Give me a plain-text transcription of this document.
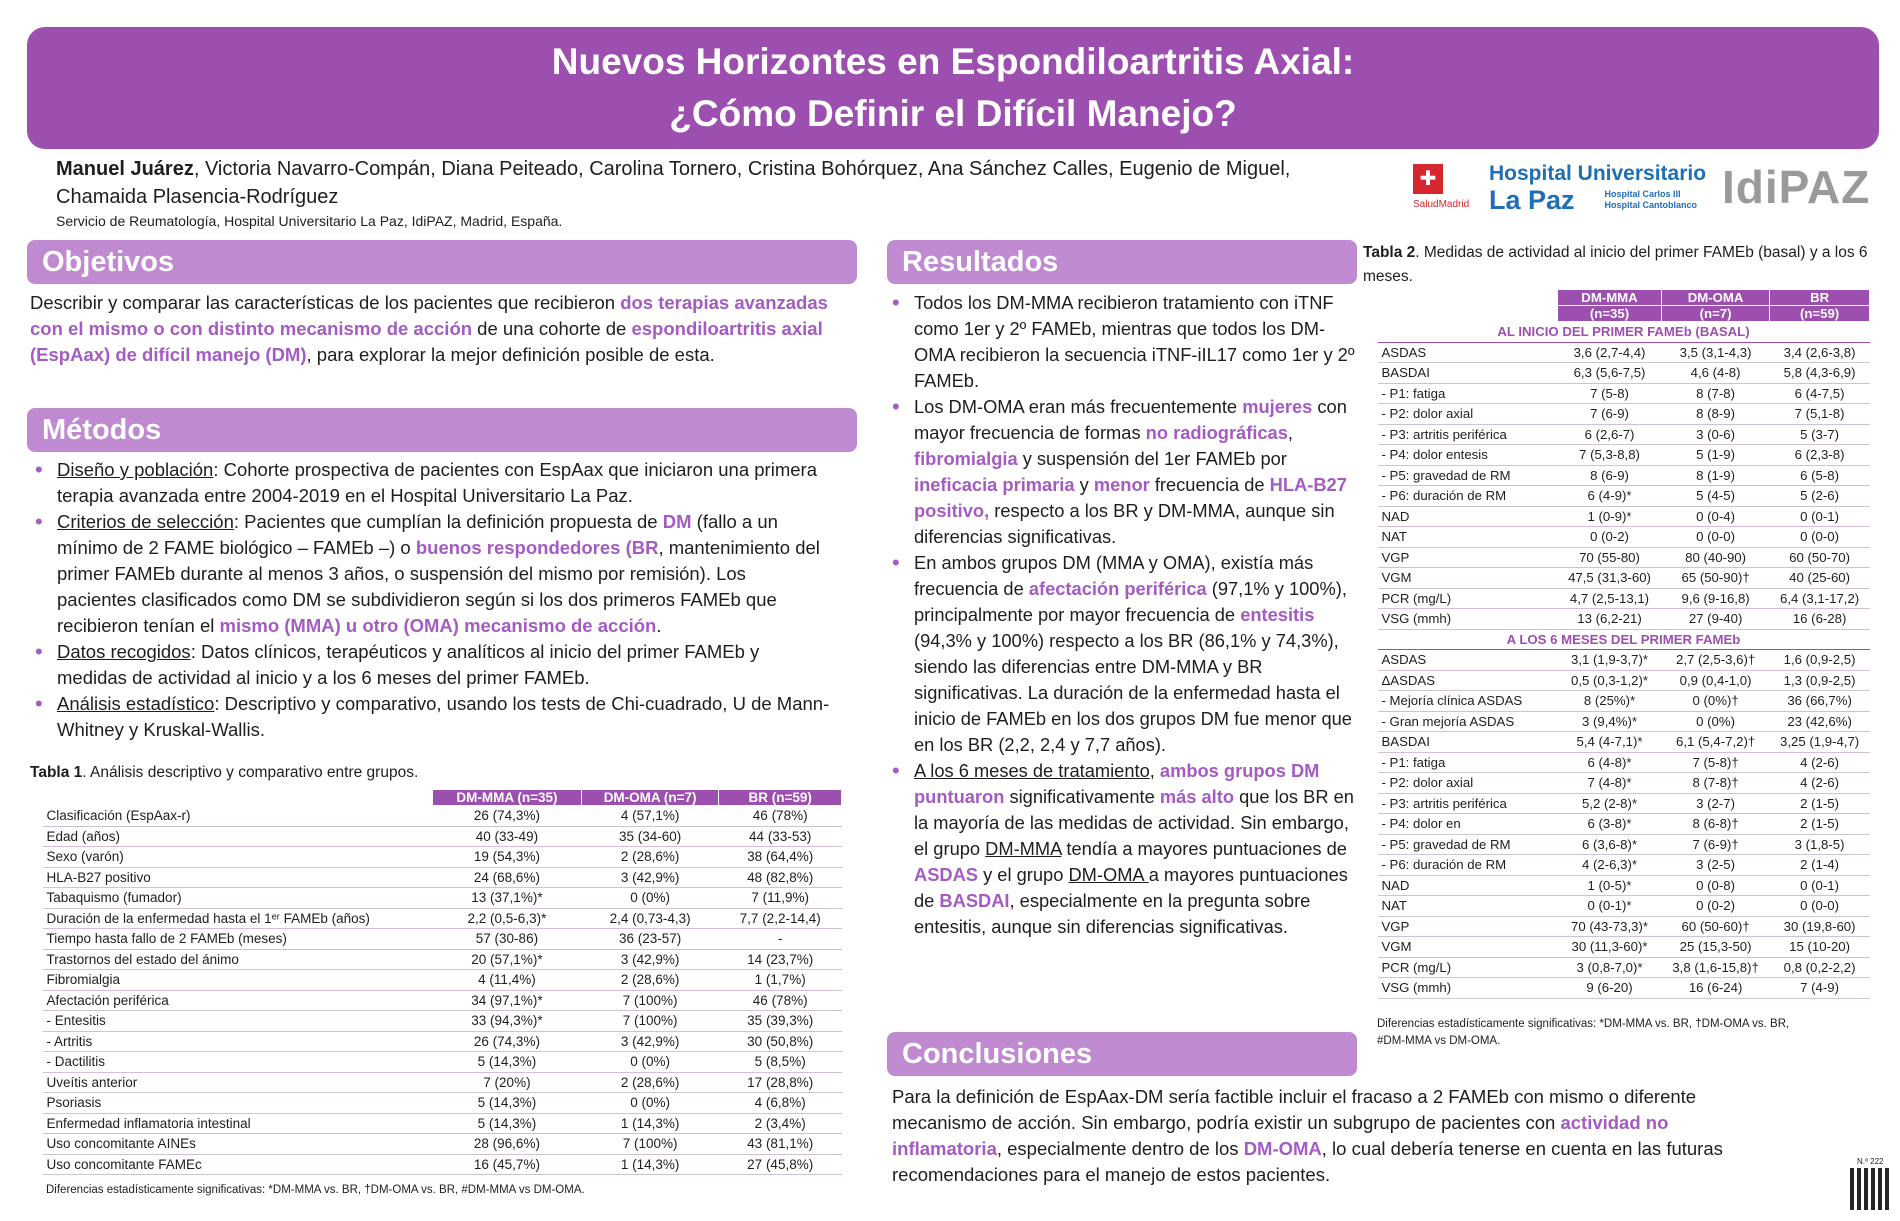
Nuevos Horizontes en Espondiloartritis Axial:
¿Cómo Definir el Difícil Manejo?
Manuel Juárez, Victoria Navarro-Compán, Diana Peiteado, Carolina Tornero, Cristina Bohórquez, Ana Sánchez Calles, Eugenio de Miguel,
Chamaida Plasencia-Rodríguez
Servicio de Reumatología, Hospital Universitario La Paz, IdiPAZ, Madrid, España.
✚
SaludMadrid
Hospital Universitario
La Paz	Hospital Carlos III
Hospital Cantoblanco IdiPAZ
Objetivos
Describir y comparar las características de los pacientes que recibieron dos terapias avanzadas con el mismo o con distinto mecanismo de acción de una cohorte de espondiloartritis axial (EspAax) de difícil manejo (DM), para explorar la mejor definición posible de esta.
Métodos
• Diseño y población: Cohorte prospectiva de pacientes con EspAax que iniciaron una primera terapia avanzada entre 2004-2019 en el Hospital Universitario La Paz.
• Criterios de selección: Pacientes que cumplían la definición propuesta de DM (fallo a un mínimo de 2 FAME biológico – FAMEb –) o buenos respondedores (BR, mantenimiento del primer FAMEb durante al menos 3 años, o suspensión del mismo por remisión). Los pacientes clasificados como DM se subdividieron según si los dos primeros FAMEb que recibieron tenían el mismo (MMA) u otro (OMA) mecanismo de acción.
• Datos recogidos: Datos clínicos, terapéuticos y analíticos al inicio del primer FAMEb y medidas de actividad al inicio y a los 6 meses del primer FAMEb.
• Análisis estadístico: Descriptivo y comparativo, usando los tests de Chi-cuadrado, U de Mann-Whitney y Kruskal-Wallis.
Tabla 1. Análisis descriptivo y comparativo entre grupos.
	DM-MMA (n=35)	DM-OMA (n=7)	BR (n=59)
Clasificación (EspAax-r)	26 (74,3%)	4 (57,1%)	46 (78%)
Edad (años)	40 (33-49)	35 (34-60)	44 (33-53)
Sexo (varón)	19 (54,3%)	2 (28,6%)	38 (64,4%)
HLA-B27 positivo	24 (68,6%)	3 (42,9%)	48 (82,8%)
Tabaquismo (fumador)	13 (37,1%)*	0 (0%)	7 (11,9%)
Duración de la enfermedad hasta el 1ᵉʳ FAMEb (años)	2,2 (0,5-6,3)*	2,4 (0,73-4,3)	7,7 (2,2-14,4)
Tiempo hasta fallo de 2 FAMEb (meses)	57 (30-86)	36 (23-57)	-
Trastornos del estado del ánimo	20 (57,1%)*	3 (42,9%)	14 (23,7%)
Fibromialgia	4 (11,4%)	2 (28,6%)	1 (1,7%)
Afectación periférica	34 (97,1%)*	7 (100%)	46 (78%)
- Entesitis	33 (94,3%)*	7 (100%)	35 (39,3%)
- Artritis	26 (74,3%)	3 (42,9%)	30 (50,8%)
- Dactilitis	5 (14,3%)	0 (0%)	5 (8,5%)
Uveítis anterior	7 (20%)	2 (28,6%)	17 (28,8%)
Psoriasis	5 (14,3%)	0 (0%)	4 (6,8%)
Enfermedad inflamatoria intestinal	5 (14,3%)	1 (14,3%)	2 (3,4%)
Uso concomitante AINEs	28 (96,6%)	7 (100%)	43 (81,1%)
Uso concomitante FAMEc	16 (45,7%)	1 (14,3%)	27 (45,8%)
Diferencias estadísticamente significativas: *DM-MMA vs. BR, †DM-OMA vs. BR, #DM-MMA vs DM-OMA.
Resultados
• Todos los DM-MMA recibieron tratamiento con iTNF como 1er y 2º FAMEb, mientras que todos los DM-OMA recibieron la secuencia iTNF-iIL17 como 1er y 2º FAMEb.
• Los DM-OMA eran más frecuentemente mujeres con mayor frecuencia de formas no radiográficas, fibromialgia y suspensión del 1er FAMEb por ineficacia primaria y menor frecuencia de HLA-B27 positivo, respecto a los BR y DM-MMA, aunque sin diferencias significativas.
• En ambos grupos DM (MMA y OMA), existía más frecuencia de afectación periférica (97,1% y 100%), principalmente por mayor frecuencia de entesitis (94,3% y 100%) respecto a los BR (86,1% y 74,3%), siendo las diferencias entre DM-MMA y BR significativas. La duración de la enfermedad hasta el inicio de FAMEb en los dos grupos DM fue menor que en los BR (2,2, 2,4 y 7,7 años).
• A los 6 meses de tratamiento, ambos grupos DM puntuaron significativamente más alto que los BR en la mayoría de las medidas de actividad. Sin embargo, el grupo DM-MMA tendía a mayores puntuaciones de ASDAS y el grupo DM-OMA a mayores puntuaciones de BASDAI, especialmente en la pregunta sobre entesitis, aunque sin diferencias significativas.
Conclusiones
Para la definición de EspAax-DM sería factible incluir el fracaso a 2 FAMEb con mismo o diferente mecanismo de acción. Sin embargo, podría existir un subgrupo de pacientes con actividad no inflamatoria, especialmente dentro de los DM-OMA, lo cual debería tenerse en cuenta en las futuras recomendaciones para el manejo de estos pacientes.
Tabla 2. Medidas de actividad al inicio del primer FAMEb (basal) y a los 6 meses.
	DM-MMA	DM-OMA	BR
	(n=35)	(n=7)	(n=59)
AL INICIO DEL PRIMER FAMEb (BASAL)			
ASDAS	3,6 (2,7-4,4)	3,5 (3,1-4,3)	3,4 (2,6-3,8)
BASDAI	6,3 (5,6-7,5)	4,6 (4-8)	5,8 (4,3-6,9)
- P1: fatiga	7 (5-8)	8 (7-8)	6 (4-7,5)
- P2: dolor axial	7 (6-9)	8 (8-9)	7 (5,1-8)
- P3: artritis periférica	6 (2,6-7)	3 (0-6)	5 (3-7)
- P4: dolor entesis	7 (5,3-8,8)	5 (1-9)	6 (2,3-8)
- P5: gravedad de RM	8 (6-9)	8 (1-9)	6 (5-8)
- P6: duración de RM	6 (4-9)*	5 (4-5)	5 (2-6)
NAD	1 (0-9)*	0 (0-4)	0 (0-1)
NAT	0 (0-2)	0 (0-0)	0 (0-0)
VGP	70 (55-80)	80 (40-90)	60 (50-70)
VGM	47,5 (31,3-60)	65 (50-90)†	40 (25-60)
PCR (mg/L)	4,7 (2,5-13,1)	9,6 (9-16,8)	6,4 (3,1-17,2)
VSG (mmh)	13 (6,2-21)	27 (9-40)	16 (6-28)
A LOS 6 MESES DEL PRIMER FAMEb			
ASDAS	3,1 (1,9-3,7)*	2,7 (2,5-3,6)†	1,6 (0,9-2,5)
ΔASDAS	0,5 (0,3-1,2)*	0,9 (0,4-1,0)	1,3 (0,9-2,5)
- Mejoría clínica ASDAS	8 (25%)*	0 (0%)†	36 (66,7%)
- Gran mejoría ASDAS	3 (9,4%)*	0 (0%)	23 (42,6%)
BASDAI	5,4 (4-7,1)*	6,1 (5,4-7,2)†	3,25 (1,9-4,7)
- P1: fatiga	6 (4-8)*	7 (5-8)†	4 (2-6)
- P2: dolor axial	7 (4-8)*	8 (7-8)†	4 (2-6)
- P3: artritis periférica	5,2 (2-8)*	3 (2-7)	2 (1-5)
- P4: dolor en	6 (3-8)*	8 (6-8)†	2 (1-5)
- P5: gravedad de RM	6 (3,6-8)*	7 (6-9)†	3 (1,8-5)
- P6: duración de RM	4 (2-6,3)*	3 (2-5)	2 (1-4)
NAD	1 (0-5)*	0 (0-8)	0 (0-1)
NAT	0 (0-1)*	0 (0-2)	0 (0-0)
VGP	70 (43-73,3)*	60 (50-60)†	30 (19,8-60)
VGM	30 (11,3-60)*	25 (15,3-50)	15 (10-20)
PCR (mg/L)	3 (0,8-7,0)*	3,8 (1,6-15,8)†	0,8 (0,2-2,2)
VSG (mmh)	9 (6-20)	16 (6-24)	7 (4-9)
Diferencias estadísticamente significativas: *DM-MMA vs. BR, †DM-OMA vs. BR,
#DM-MMA vs DM-OMA.
N.º 222
